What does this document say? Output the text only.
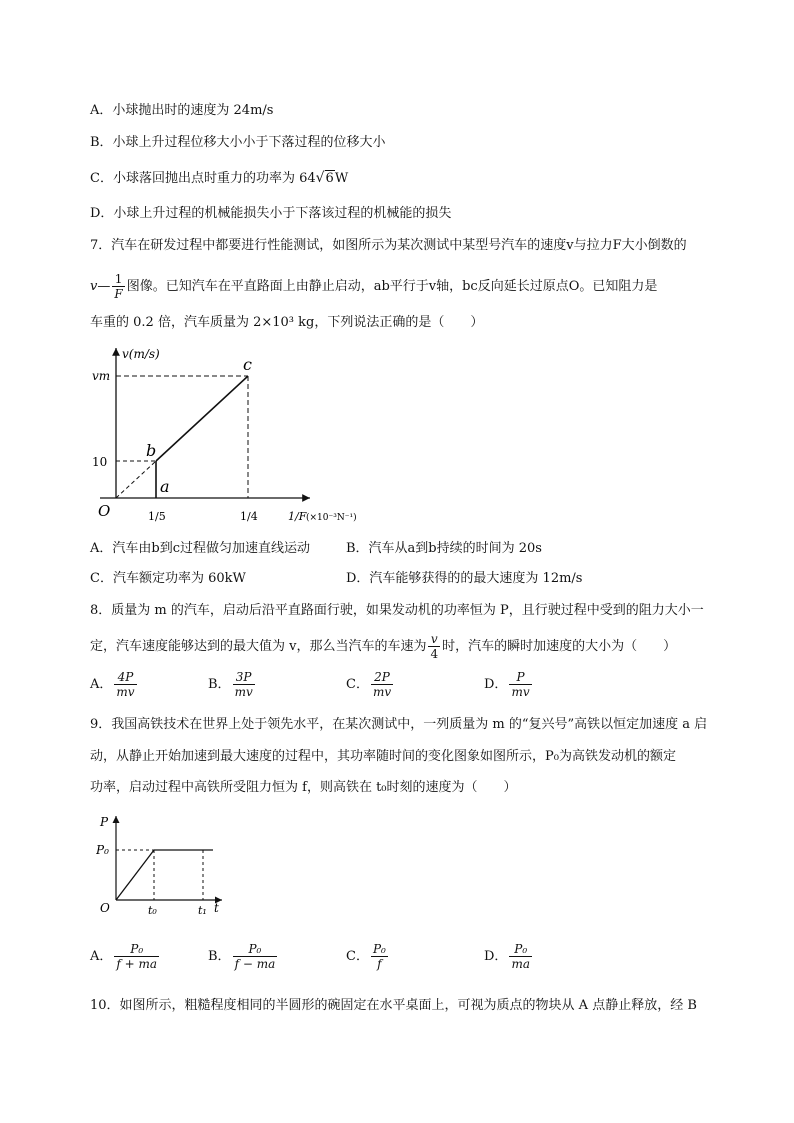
A．小球抛出时的速度为 24m/s
B．小球上升过程位移大小小于下落过程的位移大小
C．小球落回抛出点时重力的功率为 64√6W
D．小球上升过程的机械能损失小于下落该过程的机械能的损失
7．汽车在研发过程中都要进行性能测试，如图所示为某次测试中某型号汽车的速度v与拉力F大小倒数的
v— $\frac{1}{F}$ 图像。已知汽车在平直路面上由静止启动，ab平行于v轴，bc反向延长过原点O。已知阻力是
车重的 0.2 倍，汽车质量为 2×10³ kg，下列说法正确的是（　　）
v(m/s)
vm
10
O
a
b
c
1/5	1/4	1/F (×10⁻³N⁻¹)
A．汽车由b到c过程做匀加速直线运动	B．汽车从a到b持续的时间为 20s
C．汽车额定功率为 60kW	D．汽车能够获得的的最大速度为 12m/s
8．质量为 m 的汽车，启动后沿平直路面行驶，如果发动机的功率恒为 P，且行驶过程中受到的阻力大小一
定，汽车速度能够达到的最大值为 v，那么当汽车的车速为 $\frac{v}{4}$ 时，汽车的瞬时加速度的大小为（　　）
A． $\frac{4P}{mv}$	B． $\frac{3P}{mv}$	C． $\frac{2P}{mv}$	D． $\frac{P}{mv}$
9．我国高铁技术在世界上处于领先水平，在某次测试中，一列质量为 m 的“复兴号”高铁以恒定加速度 a 启
动，从静止开始加速到最大速度的过程中，其功率随时间的变化图象如图所示，P₀为高铁发动机的额定
功率，启动过程中高铁所受阻力恒为 f，则高铁在 t₀时刻的速度为（　　）
P
P₀
O	t₀	t₁ t
A． $\frac{\text{P₀}}{f + ma}$	B． $\frac{\text{P₀}}{f - ma}$	C． $\frac{\text{P₀}}{f}$	D． $\frac{\text{P₀}}{ma}$
10．如图所示，粗糙程度相同的半圆形的碗固定在水平桌面上，可视为质点的物块从 A 点静止释放，经 B
